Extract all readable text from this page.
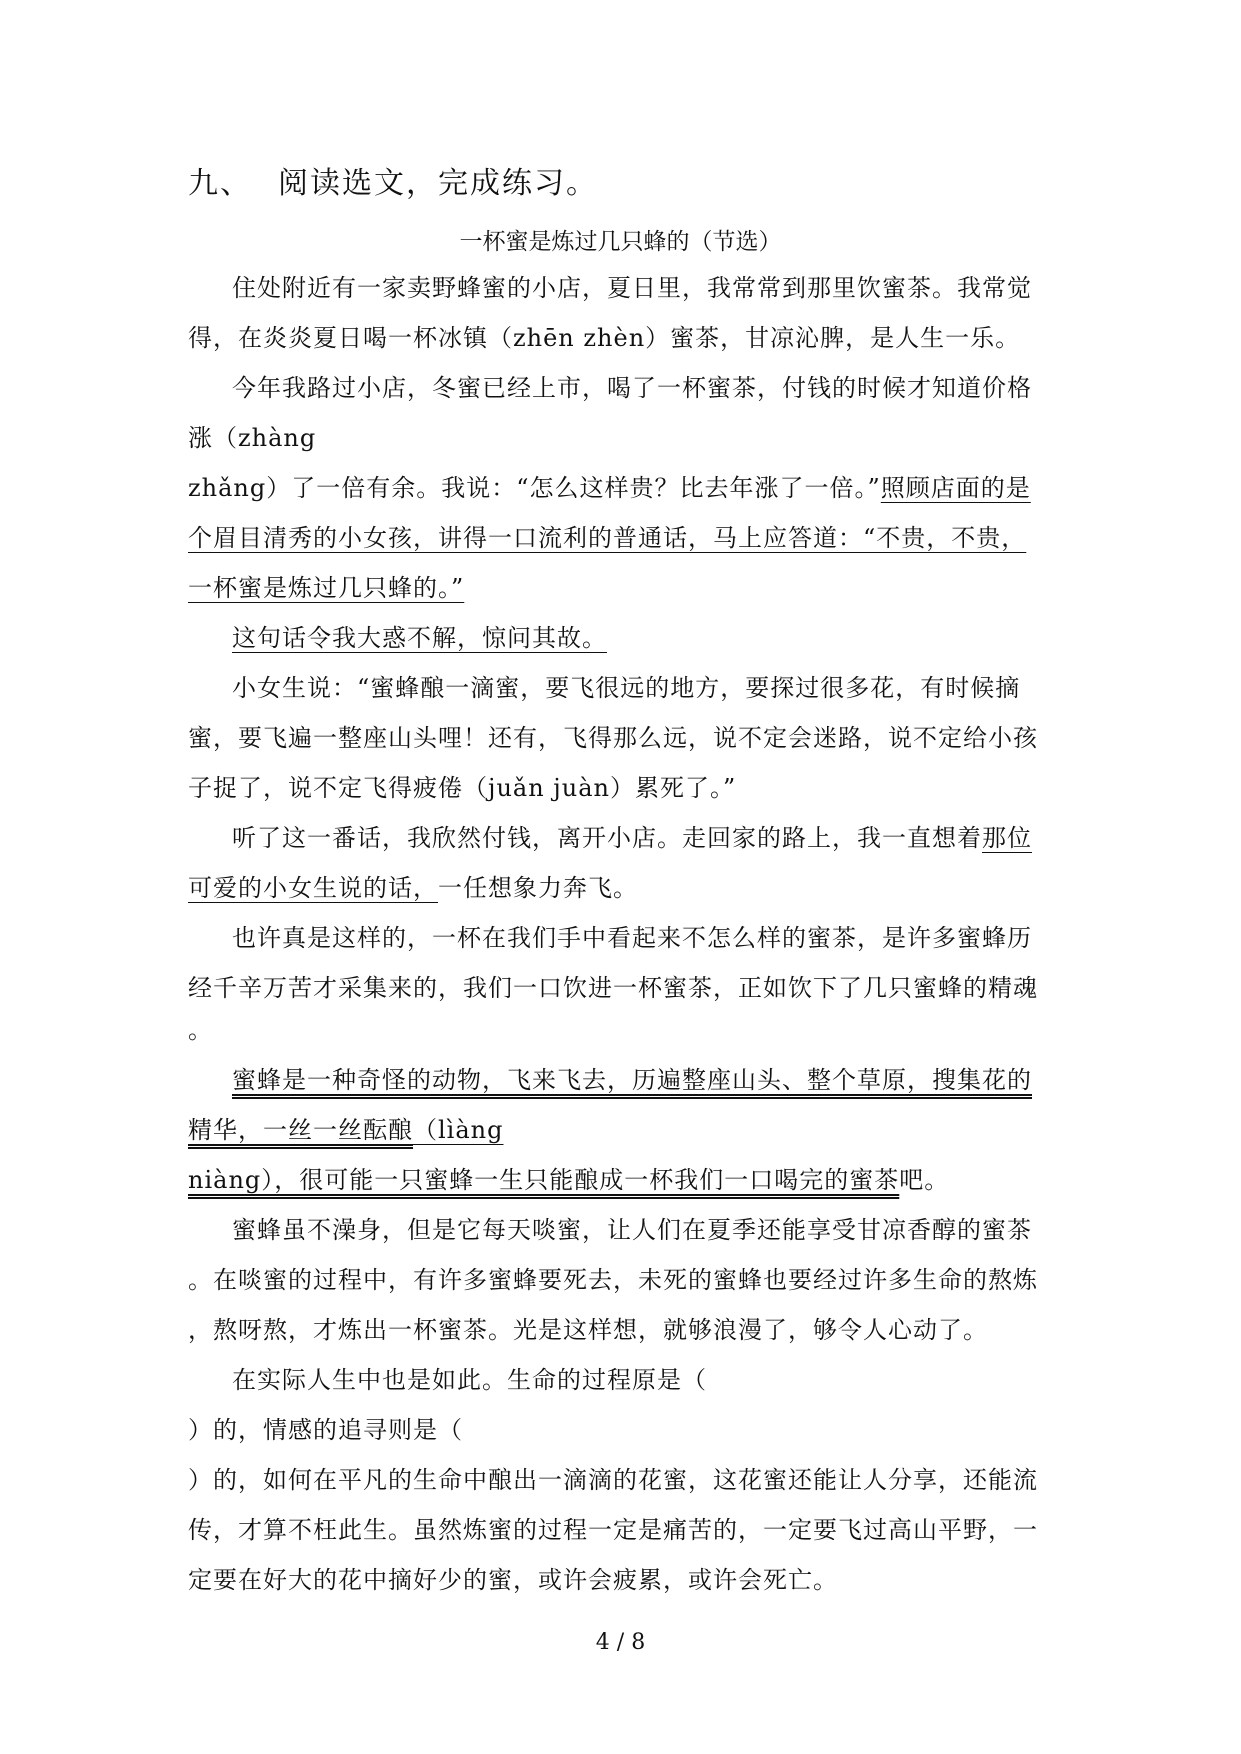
九、 阅读选文，完成练习。
一杯蜜是炼过几只蜂的（节选）
住处附近有一家卖野蜂蜜的小店，夏日里，我常常到那里饮蜜茶。我常觉
得，在炎炎夏日喝一杯冰镇（zhēn zhèn）蜜茶，甘凉沁脾，是人生一乐。
今年我路过小店，冬蜜已经上市，喝了一杯蜜茶，付钱的时候才知道价格
涨（zhàng
zhǎng）了一倍有余。我说：“怎么这样贵？比去年涨了一倍。”照顾店面的是
个眉目清秀的小女孩，讲得一口流利的普通话，马上应答道：“不贵，不贵，
一杯蜜是炼过几只蜂的。”
这句话令我大惑不解，惊问其故。
小女生说：“蜜蜂酿一滴蜜，要飞很远的地方，要探过很多花，有时候摘
蜜，要飞遍一整座山头哩！还有，飞得那么远，说不定会迷路，说不定给小孩
子捉了，说不定飞得疲倦（juǎn juàn）累死了。”
听了这一番话，我欣然付钱，离开小店。走回家的路上，我一直想着那位
可爱的小女生说的话，一任想象力奔飞。
也许真是这样的，一杯在我们手中看起来不怎么样的蜜茶，是许多蜜蜂历
经千辛万苦才采集来的，我们一口饮进一杯蜜茶，正如饮下了几只蜜蜂的精魂
。
蜜蜂是一种奇怪的动物，飞来飞去，历遍整座山头、整个草原，搜集花的
精华，一丝一丝酝酿（lìàng
niàng），很可能一只蜜蜂一生只能酿成一杯我们一口喝完的蜜茶吧。
蜜蜂虽不澡身，但是它每天啖蜜，让人们在夏季还能享受甘凉香醇的蜜茶
。在啖蜜的过程中，有许多蜜蜂要死去，未死的蜜蜂也要经过许多生命的熬炼
，熬呀熬，才炼出一杯蜜茶。光是这样想，就够浪漫了，够令人心动了。
在实际人生中也是如此。生命的过程原是（
）的，情感的追寻则是（
）的，如何在平凡的生命中酿出一滴滴的花蜜，这花蜜还能让人分享，还能流
传，才算不枉此生。虽然炼蜜的过程一定是痛苦的，一定要飞过高山平野，一
定要在好大的花中摘好少的蜜，或许会疲累，或许会死亡。
4 / 8
